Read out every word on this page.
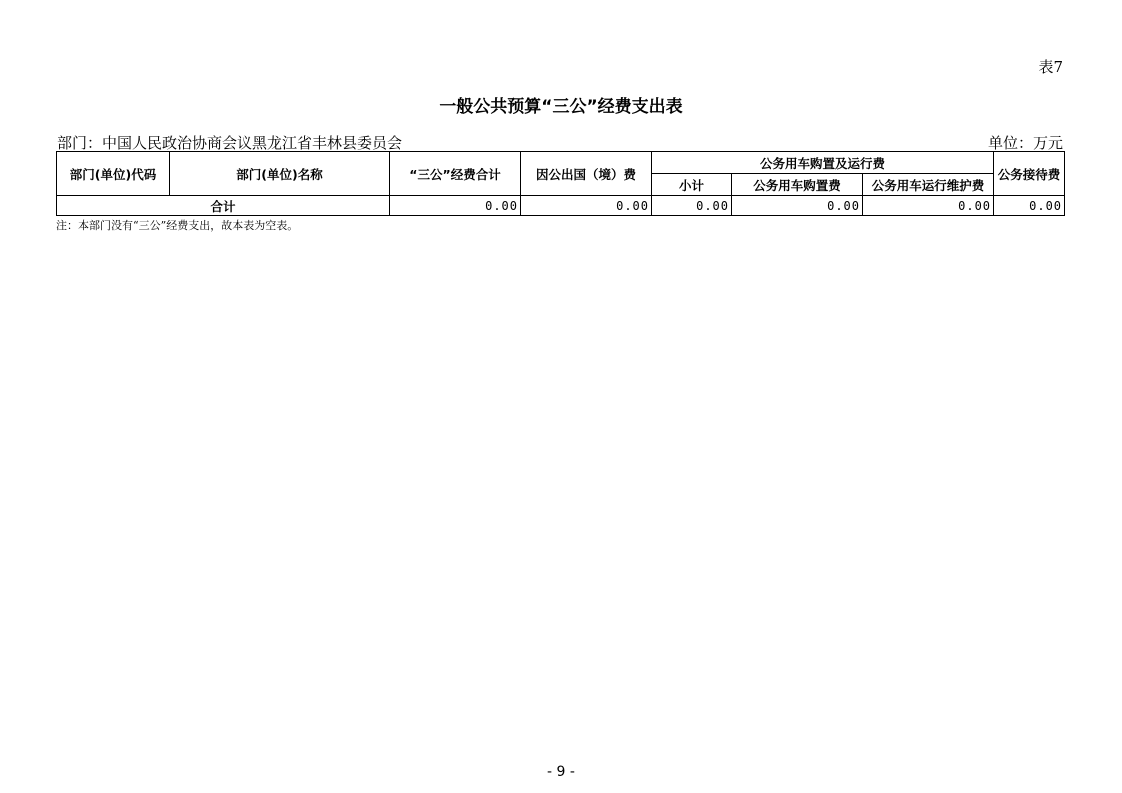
表7
一般公共预算“三公”经费支出表
部门：中国人民政治协商会议黑龙江省丰林县委员会	单位：万元
部门(单位)代码	部门(单位)名称	“三公”经费合计	因公出国（境）费	公务用车购置及运行费			公务接待费
				小计	公务用车购置费	公务用车运行维护费	
合计		0.00	0.00	0.00	0.00	0.00	0.00
注：本部门没有“三公”经费支出，故本表为空表。
- 9 -
